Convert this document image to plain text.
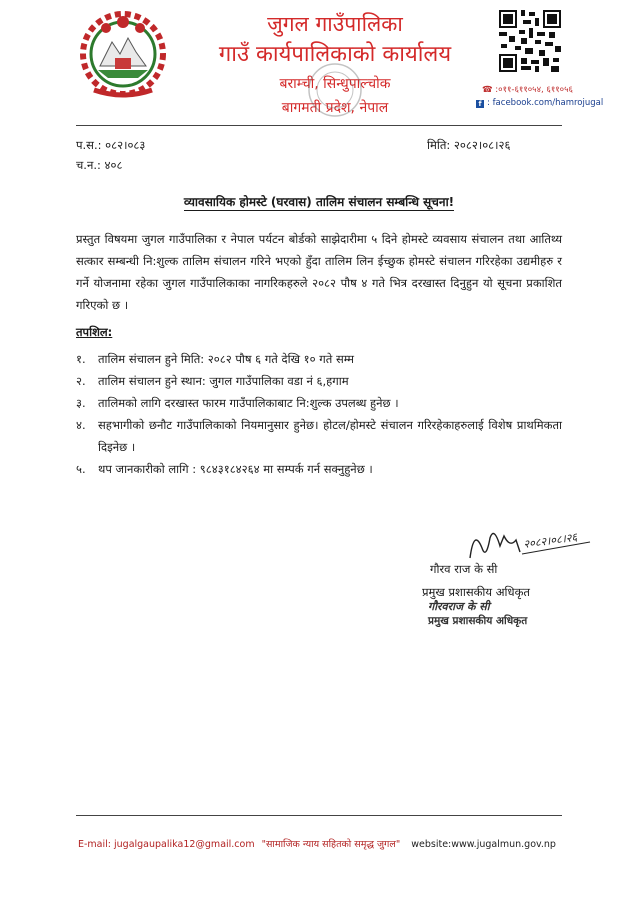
जुगल गाउँपालिका
गाउँ कार्यपालिकाको कार्यालय
बराम्ची, सिन्धुपाल्चोक
बागमती प्रदेश, नेपाल
☎ :०११-६११०५४, ६११०५६
f : facebook.com/hamrojugal
प.स.: ०८२।०८३
च.न.: ४०८
मिति: २०८२।०८।२६
व्यावसायिक होमस्टे (घरवास) तालिम संचालन सम्बन्धि सूचना!
प्रस्तुत विषयमा जुगल गाउँपालिका र नेपाल पर्यटन बोर्डको साझेदारीमा ५ दिने होमस्टे व्यवसाय संचालन तथा आतिथ्य सत्कार सम्बन्धी नि:शुल्क तालिम संचालन गरिने भएको हुँदा तालिम लिन ईच्छुक होमस्टे संचालन गरिरहेका उद्यमीहरु र गर्ने योजनामा रहेका जुगल गाउँपालिकाका नागरिकहरुले २०८२ पौष ४ गते भित्र दरखास्त दिनुहुन यो सूचना प्रकाशित गरिएको छ ।
तपशिल:
१.	तालिम संचालन हुने मिति: २०८२ पौष ६ गते देखि १० गते सम्म
२.	तालिम संचालन हुने स्थान: जुगल गाउँपालिका वडा नं ६,हगाम
३.	तालिमको लागि दरखास्त फारम गाउँपालिकाबाट नि:शुल्क उपलब्ध हुनेछ ।
४.	सहभागीको छनौट गाउँपालिकाको नियमानुसार हुनेछ। होटल/होमस्टे संचालन गरिरहेकाहरुलाई विशेष प्राथमिकता दिइनेछ ।
५.	थप जानकारीको लागि : ९८४३१८४२६४ मा सम्पर्क गर्न सक्नुहुनेछ ।
२०८२।०८।२६
गौरव राज के सी
प्रमुख प्रशासकीय अधिकृत
गौरवराज के सी
प्रमुख प्रशासकीय अधिकृत
E-mail: jugalgaupalika12@gmail.com "सामाजिक न्याय सहितको समृद्ध जुगल" website:www.jugalmun.gov.np
